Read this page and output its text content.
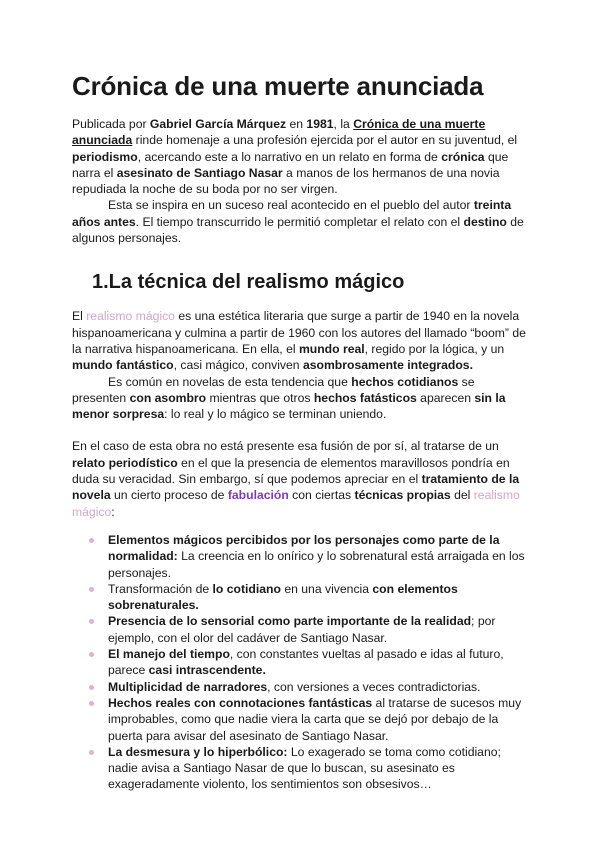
Crónica de una muerte anunciada

Publicada por Gabriel García Márquez en 1981, la Crónica de una muerte anunciada rinde homenaje a una profesión ejercida por el autor en su juventud, el periodismo, acercando este a lo narrativo en un relato en forma de crónica que narra el asesinato de Santiago Nasar a manos de los hermanos de una novia repudiada la noche de su boda por no ser virgen.

Esta se inspira en un suceso real acontecido en el pueblo del autor treinta años antes. El tiempo transcurrido le permitió completar el relato con el destino de algunos personajes.

1.La técnica del realismo mágico

El realismo mágico es una estética literaria que surge a partir de 1940 en la novela hispanoamericana y culmina a partir de 1960 con los autores del llamado “boom” de la narrativa hispanoamericana. En ella, el mundo real, regido por la lógica, y un mundo fantástico, casi mágico, conviven asombrosamente integrados.

Es común en novelas de esta tendencia que hechos cotidianos se presenten con asombro mientras que otros hechos fatásticos aparecen sin la menor sorpresa: lo real y lo mágico se terminan uniendo.

En el caso de esta obra no está presente esa fusión de por sí, al tratarse de un relato periodístico en el que la presencia de elementos maravillosos pondría en duda su veracidad. Sin embargo, sí que podemos apreciar en el tratamiento de la novela un cierto proceso de fabulación con ciertas técnicas propias del realismo mágico:

Elementos mágicos percibidos por los personajes como parte de la normalidad: La creencia en lo onírico y lo sobrenatural está arraigada en los personajes.
Transformación de lo cotidiano en una vivencia con elementos sobrenaturales.
Presencia de lo sensorial como parte importante de la realidad; por ejemplo, con el olor del cadáver de Santiago Nasar.
El manejo del tiempo, con constantes vueltas al pasado e idas al futuro, parece casi intrascendente.
Multiplicidad de narradores, con versiones a veces contradictorias.
Hechos reales con connotaciones fantásticas al tratarse de sucesos muy improbables, como que nadie viera la carta que se dejó por debajo de la puerta para avisar del asesinato de Santiago Nasar.
La desmesura y lo hiperbólico: Lo exagerado se toma como cotidiano; nadie avisa a Santiago Nasar de que lo buscan, su asesinato es exageradamente violento, los sentimientos son obsesivos…
